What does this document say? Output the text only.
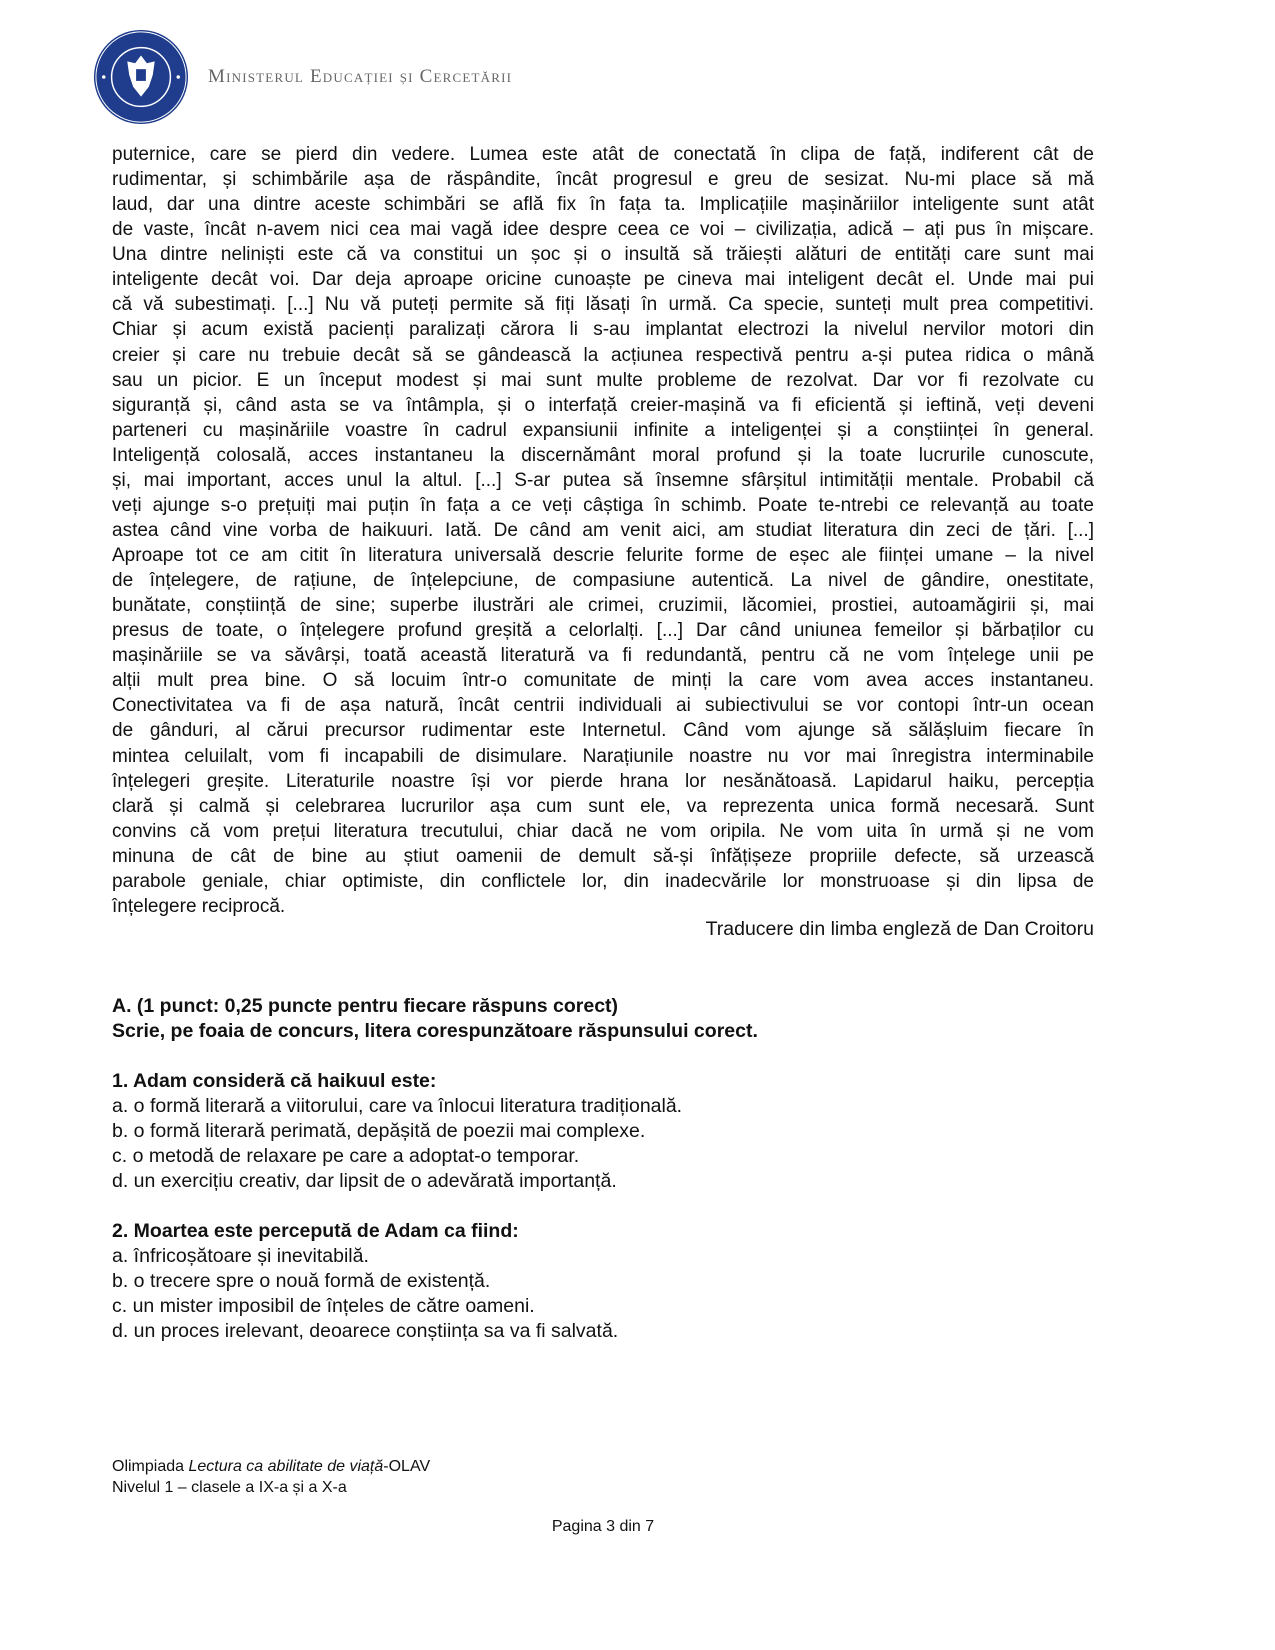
Ministerul Educației și Cercetării
puternice, care se pierd din vedere. Lumea este atât de conectată în clipa de față, indiferent cât de
rudimentar, și schimbările așa de răspândite, încât progresul e greu de sesizat. Nu-mi place să mă
laud, dar una dintre aceste schimbări se află fix în fața ta. Implicațiile mașinăriilor inteligente sunt atât
de vaste, încât n-avem nici cea mai vagă idee despre ceea ce voi – civilizația, adică – ați pus în mișcare.
Una dintre neliniști este că va constitui un șoc și o insultă să trăiești alături de entități care sunt mai
inteligente decât voi. Dar deja aproape oricine cunoaște pe cineva mai inteligent decât el. Unde mai pui
că vă subestimați. [...] Nu vă puteți permite să fiți lăsați în urmă. Ca specie, sunteți mult prea competitivi.
Chiar și acum există pacienți paralizați cărora li s-au implantat electrozi la nivelul nervilor motori din
creier și care nu trebuie decât să se gândească la acțiunea respectivă pentru a-și putea ridica o mână
sau un picior. E un început modest și mai sunt multe probleme de rezolvat. Dar vor fi rezolvate cu
siguranță și, când asta se va întâmpla, și o interfață creier-mașină va fi eficientă și ieftină, veți deveni
parteneri cu mașinăriile voastre în cadrul expansiunii infinite a inteligenței și a conștiinței în general.
Inteligență colosală, acces instantaneu la discernământ moral profund și la toate lucrurile cunoscute,
și, mai important, acces unul la altul. [...] S-ar putea să însemne sfârșitul intimității mentale. Probabil că
veți ajunge s-o prețuiți mai puțin în fața a ce veți câștiga în schimb. Poate te-ntrebi ce relevanță au toate
astea când vine vorba de haikuuri. Iată. De când am venit aici, am studiat literatura din zeci de țări. [...]
Aproape tot ce am citit în literatura universală descrie felurite forme de eșec ale ființei umane – la nivel
de înțelegere, de rațiune, de înțelepciune, de compasiune autentică. La nivel de gândire, onestitate,
bunătate, conștiință de sine; superbe ilustrări ale crimei, cruzimii, lăcomiei, prostiei, autoamăgirii și, mai
presus de toate, o înțelegere profund greșită a celorlalți. [...] Dar când uniunea femeilor și bărbaților cu
mașinăriile se va săvârși, toată această literatură va fi redundantă, pentru că ne vom înțelege unii pe
alții mult prea bine. O să locuim într-o comunitate de minți la care vom avea acces instantaneu.
Conectivitatea va fi de așa natură, încât centrii individuali ai subiectivului se vor contopi într-un ocean
de gânduri, al cărui precursor rudimentar este Internetul. Când vom ajunge să sălășluim fiecare în
mintea celuilalt, vom fi incapabili de disimulare. Narațiunile noastre nu vor mai înregistra interminabile
înțelegeri greșite. Literaturile noastre își vor pierde hrana lor nesănătoasă. Lapidarul haiku, percepția
clară și calmă și celebrarea lucrurilor așa cum sunt ele, va reprezenta unica formă necesară. Sunt
convins că vom prețui literatura trecutului, chiar dacă ne vom oripila. Ne vom uita în urmă și ne vom
minuna de cât de bine au știut oamenii de demult să-și înfățișeze propriile defecte, să urzească
parabole geniale, chiar optimiste, din conflictele lor, din inadecvările lor monstruoase și din lipsa de
înțelegere reciprocă.
Traducere din limba engleză de Dan Croitoru
A. (1 punct: 0,25 puncte pentru fiecare răspuns corect)
Scrie, pe foaia de concurs, litera corespunzătoare răspunsului corect.
1. Adam consideră că haikuul este:
a. o formă literară a viitorului, care va înlocui literatura tradițională.
b. o formă literară perimată, depășită de poezii mai complexe.
c. o metodă de relaxare pe care a adoptat-o temporar.
d. un exercițiu creativ, dar lipsit de o adevărată importanță.
2. Moartea este percepută de Adam ca fiind:
a. înfricoșătoare și inevitabilă.
b. o trecere spre o nouă formă de existență.
c. un mister imposibil de înțeles de către oameni.
d. un proces irelevant, deoarece conștiința sa va fi salvată.
Olimpiada Lectura ca abilitate de viață-OLAV
Nivelul 1 – clasele a IX-a și a X-a
Pagina 3 din 7
